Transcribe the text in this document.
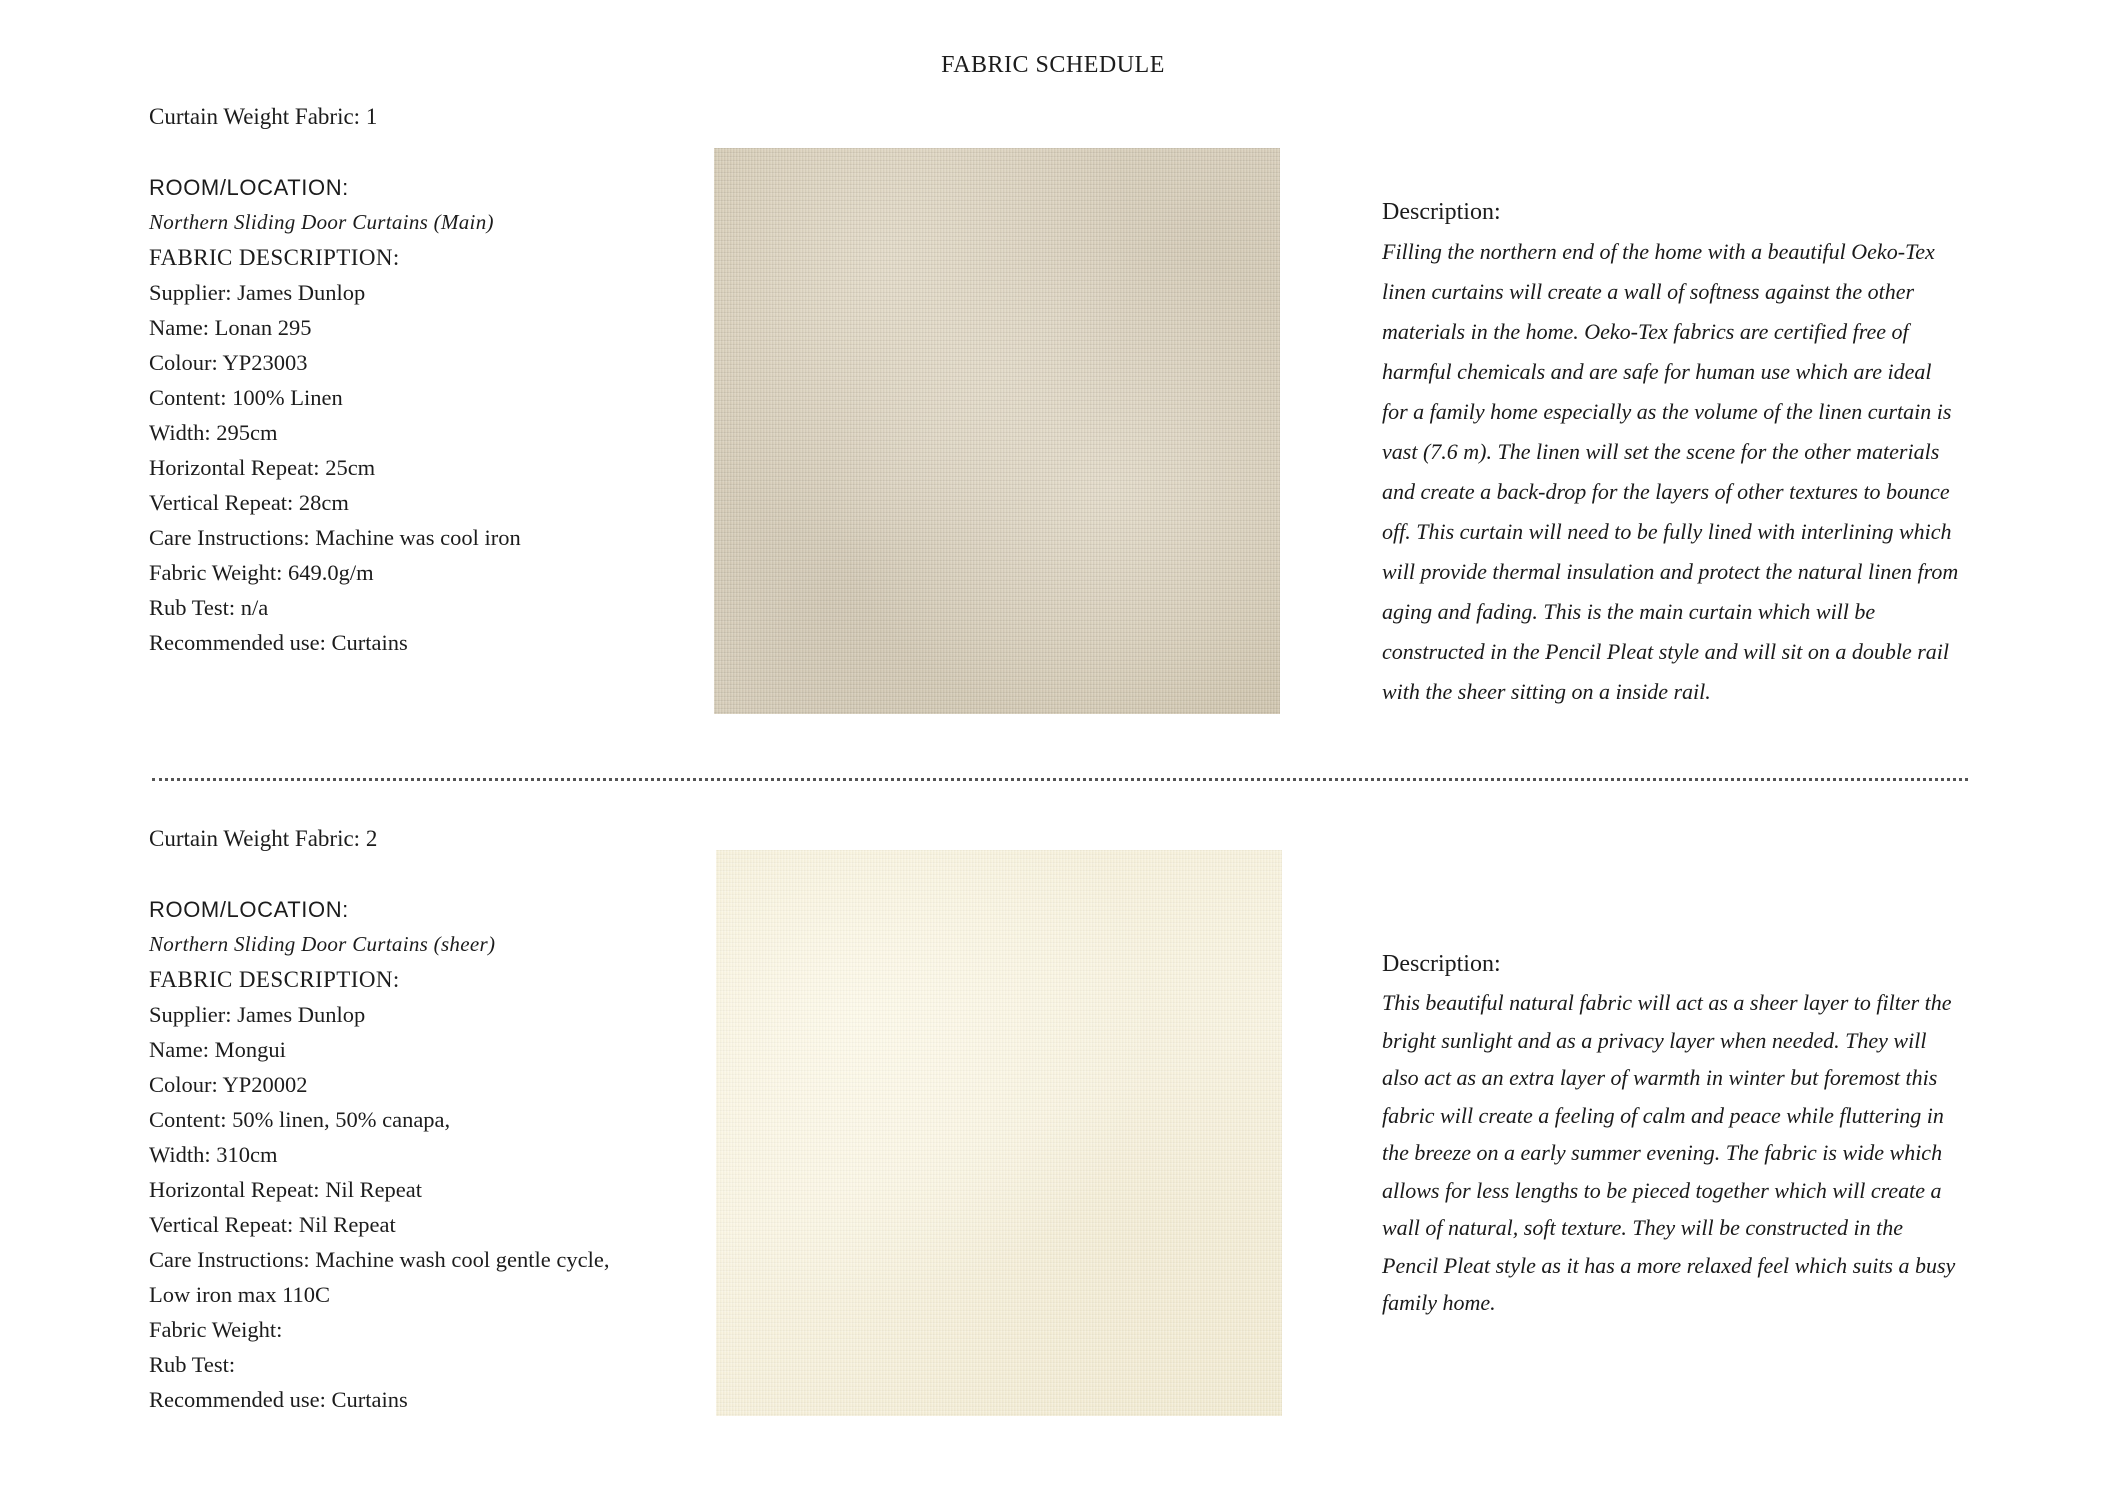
FABRIC SCHEDULE
Curtain Weight Fabric: 1
ROOM/LOCATION:
Northern Sliding Door Curtains (Main)
FABRIC DESCRIPTION:
Supplier: James Dunlop
Name: Lonan 295
Colour: YP23003
Content: 100% Linen
Width: 295cm
Horizontal Repeat: 25cm
Vertical Repeat: 28cm
Care Instructions: Machine was cool iron
Fabric Weight: 649.0g/m
Rub Test: n/a
Recommended use: Curtains
Description:
Filling the northern end of the home with a beautiful Oeko-Tex linen curtains will create a wall of softness against the other materials in the home. Oeko-Tex fabrics are certified free of harmful chemicals and are safe for human use which are ideal for a family home especially as the volume of the linen curtain is vast (7.6 m). The linen will set the scene for the other materials and create a back-drop for the layers of other textures to bounce off. This curtain will need to be fully lined with interlining which will provide thermal insulation and protect the natural linen from aging and fading. This is the main curtain which will be constructed in the Pencil Pleat style and will sit on a double rail with the sheer sitting on a inside rail.
Curtain Weight Fabric: 2
ROOM/LOCATION:
Northern Sliding Door Curtains (sheer)
FABRIC DESCRIPTION:
Supplier: James Dunlop
Name: Mongui
Colour: YP20002
Content: 50% linen, 50% canapa,
Width: 310cm
Horizontal Repeat: Nil Repeat
Vertical Repeat: Nil Repeat
Care Instructions: Machine wash cool gentle cycle,
Low iron max 110C
Fabric Weight:
Rub Test:
Recommended use: Curtains
Description:
This beautiful natural fabric will act as a sheer layer to filter the bright sunlight and as a privacy layer when needed. They will also act as an extra layer of warmth in winter but foremost this fabric will create a feeling of calm and peace while fluttering in the breeze on a early summer evening. The fabric is wide which allows for less lengths to be pieced together which will create a wall of natural, soft texture. They will be constructed in the Pencil Pleat style as it has a more relaxed feel which suits a busy family home.
